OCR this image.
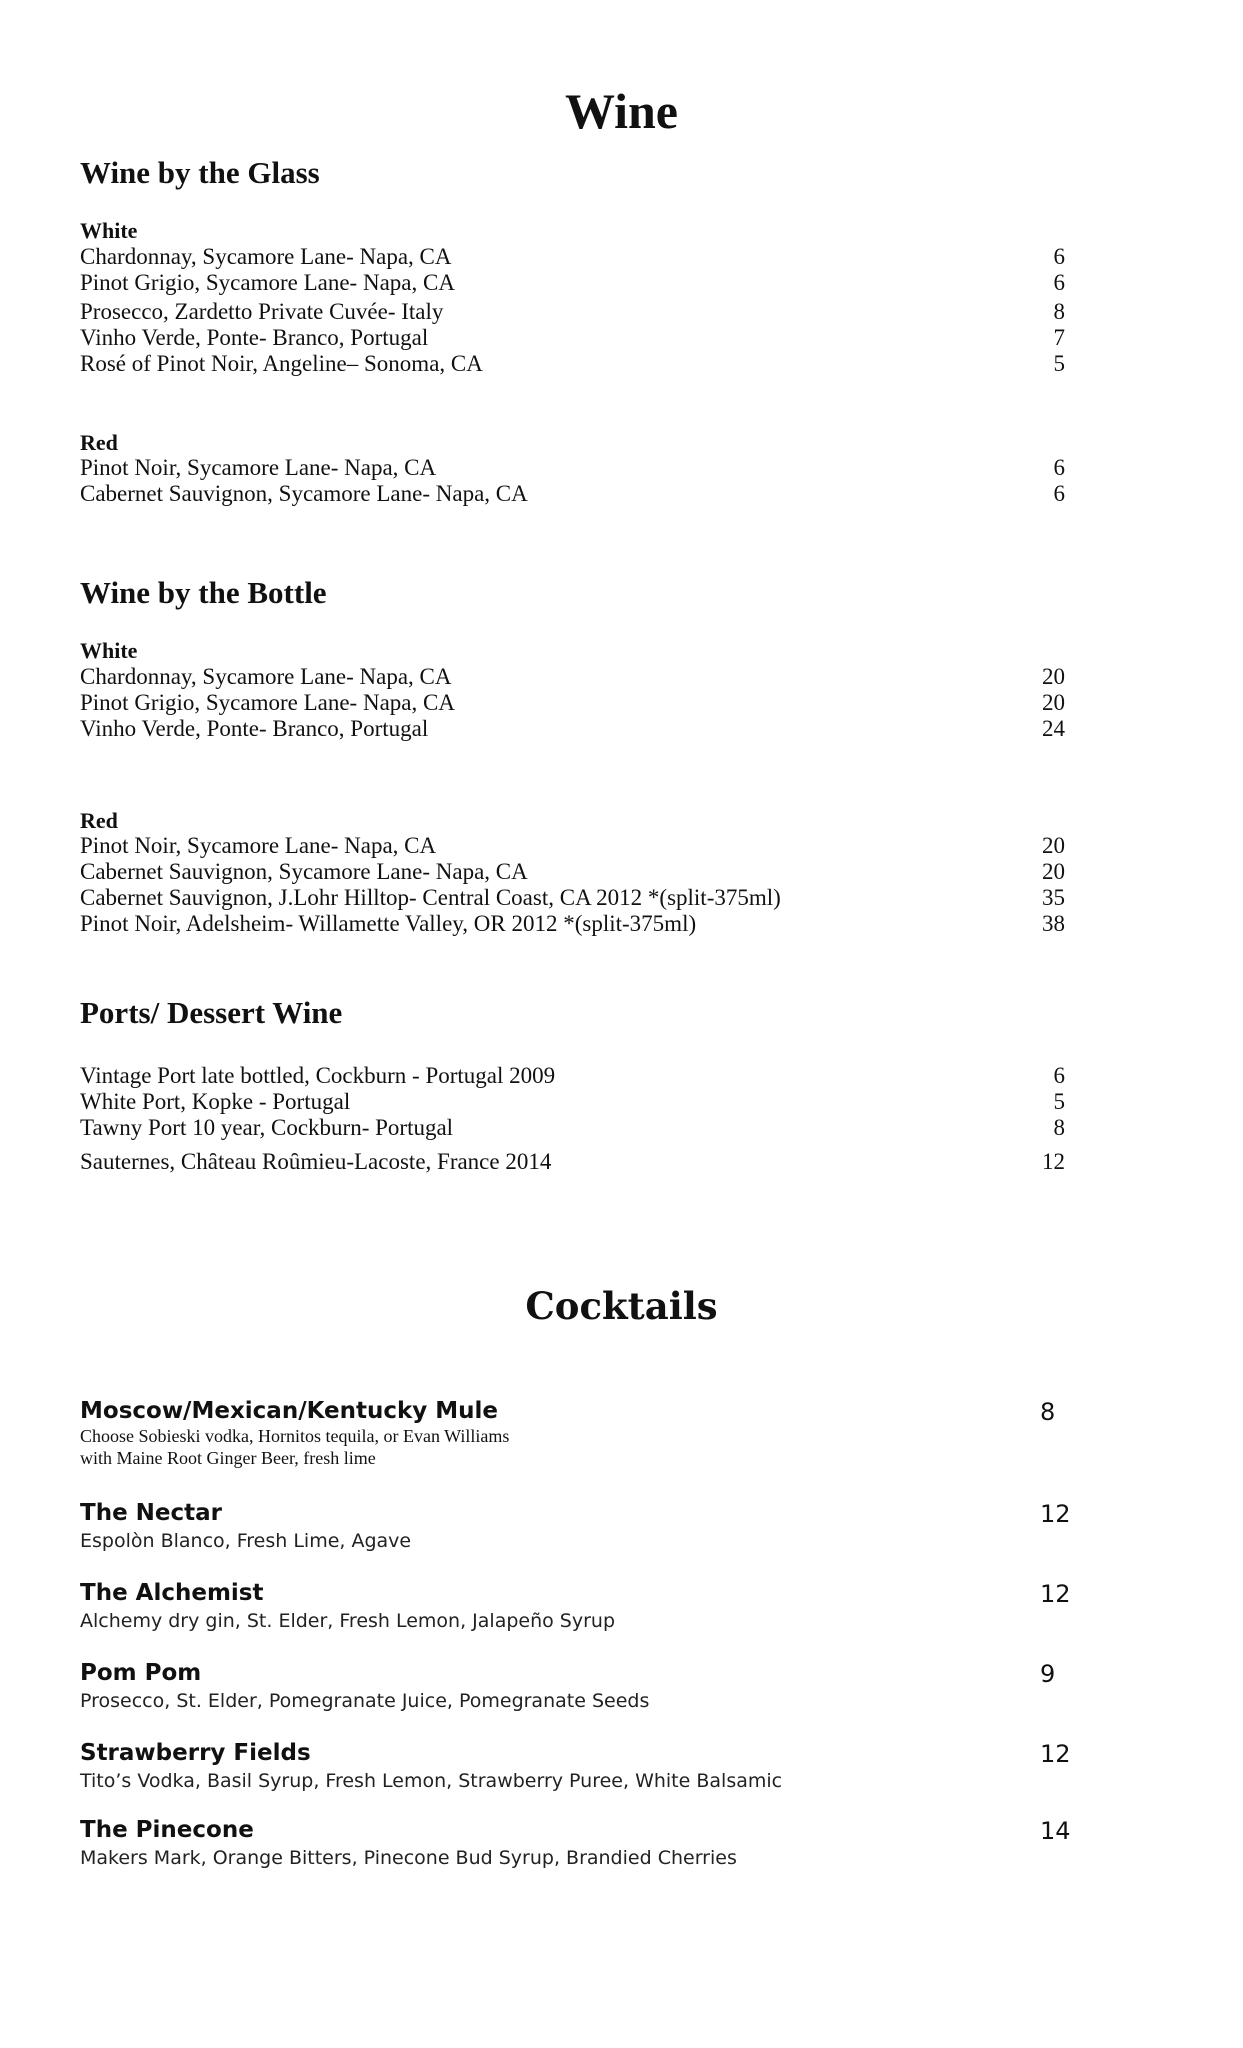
Wine
Wine by the Glass
White
Chardonnay, Sycamore Lane- Napa, CA	6
Pinot Grigio, Sycamore Lane- Napa, CA	6
Prosecco, Zardetto Private Cuvée- Italy	8
Vinho Verde, Ponte- Branco, Portugal	7
Rosé of Pinot Noir, Angeline– Sonoma, CA	5
Red
Pinot Noir, Sycamore Lane- Napa, CA	6
Cabernet Sauvignon, Sycamore Lane- Napa, CA	6
Wine by the Bottle
White
Chardonnay, Sycamore Lane- Napa, CA	20
Pinot Grigio, Sycamore Lane- Napa, CA	20
Vinho Verde, Ponte- Branco, Portugal	24
Red
Pinot Noir, Sycamore Lane- Napa, CA	20
Cabernet Sauvignon, Sycamore Lane- Napa, CA	20
Cabernet Sauvignon, J.Lohr Hilltop- Central Coast, CA 2012 *(split-375ml)	35
Pinot Noir, Adelsheim- Willamette Valley, OR 2012 *(split-375ml)	38
Ports/ Dessert Wine
Vintage Port late bottled, Cockburn - Portugal 2009	6
White Port, Kopke - Portugal	5
Tawny Port 10 year, Cockburn- Portugal	8
Sauternes, Chȃteau Roȗmieu-Lacoste, France 2014	12
Cocktails
Moscow/Mexican/Kentucky Mule	8
Choose Sobieski vodka, Hornitos tequila, or Evan Williams
with Maine Root Ginger Beer, fresh lime
The Nectar	12
Espolòn Blanco, Fresh Lime, Agave
The Alchemist	12
Alchemy dry gin, St. Elder, Fresh Lemon, Jalapeño Syrup
Pom Pom	9
Prosecco, St. Elder, Pomegranate Juice, Pomegranate Seeds
Strawberry Fields	12
Tito’s Vodka, Basil Syrup, Fresh Lemon, Strawberry Puree, White Balsamic
The Pinecone	14
Makers Mark, Orange Bitters, Pinecone Bud Syrup, Brandied Cherries
